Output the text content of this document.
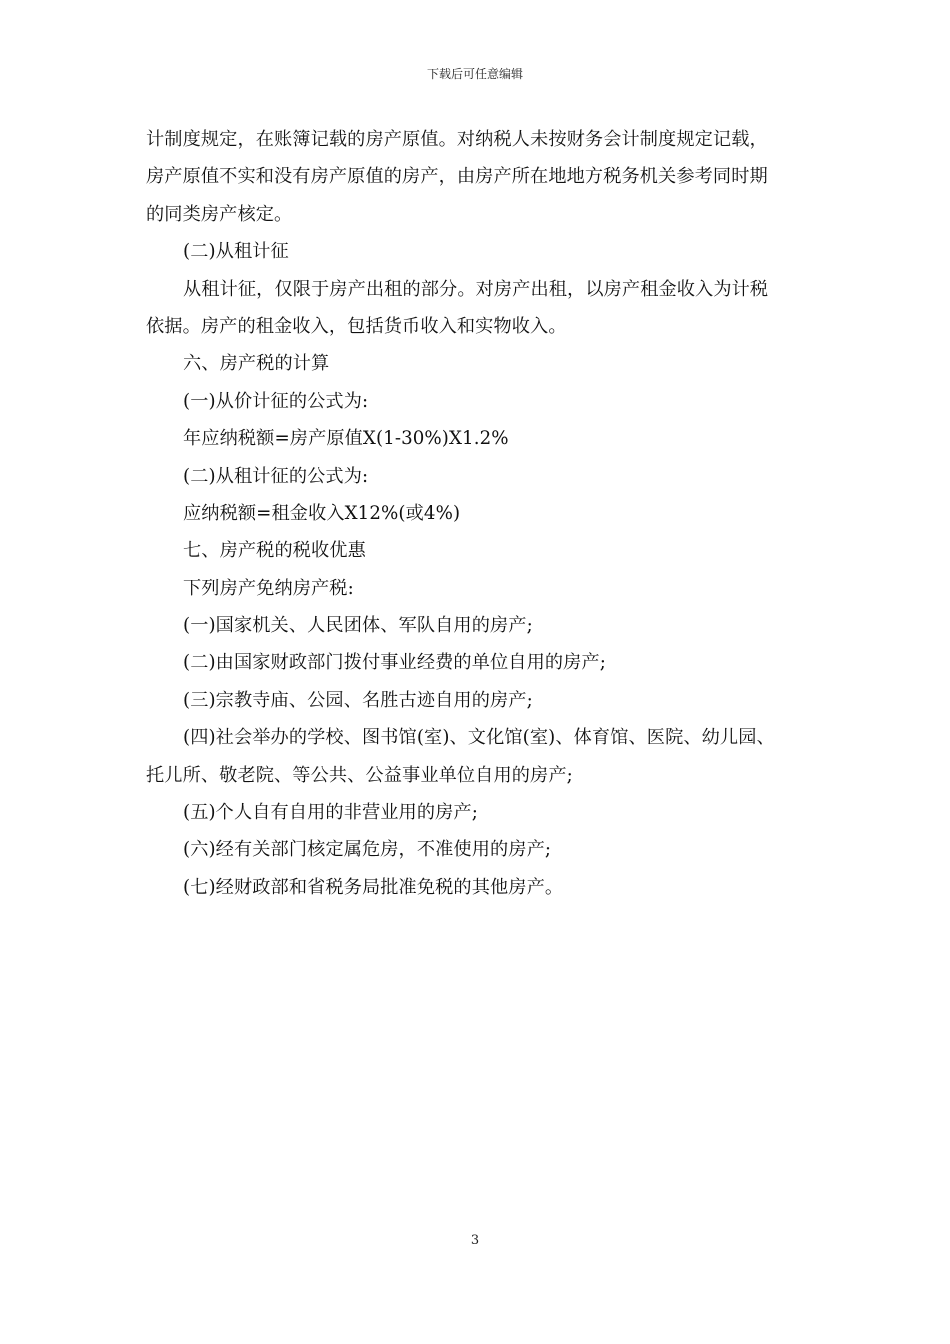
下载后可任意编辑
计制度规定，在账簿记载的房产原值。对纳税人未按财务会计制度规定记载，
房产原值不实和没有房产原值的房产，由房产所在地地方税务机关参考同时期
的同类房产核定。
(二)从租计征
从租计征，仅限于房产出租的部分。对房产出租，以房产租金收入为计税
依据。房产的租金收入，包括货币收入和实物收入。
六、房产税的计算
(一)从价计征的公式为:
年应纳税额=房产原值X(1-30%)X1.2%
(二)从租计征的公式为:
应纳税额=租金收入X12%(或4%)
七、房产税的税收优惠
下列房产免纳房产税:
(一)国家机关、人民团体、军队自用的房产;
(二)由国家财政部门拨付事业经费的单位自用的房产;
(三)宗教寺庙、公园、名胜古迹自用的房产;
(四)社会举办的学校、图书馆(室)、文化馆(室)、体育馆、医院、幼儿园、
托儿所、敬老院、等公共、公益事业单位自用的房产;
(五)个人自有自用的非营业用的房产;
(六)经有关部门核定属危房，不准使用的房产;
(七)经财政部和省税务局批准免税的其他房产。
3
